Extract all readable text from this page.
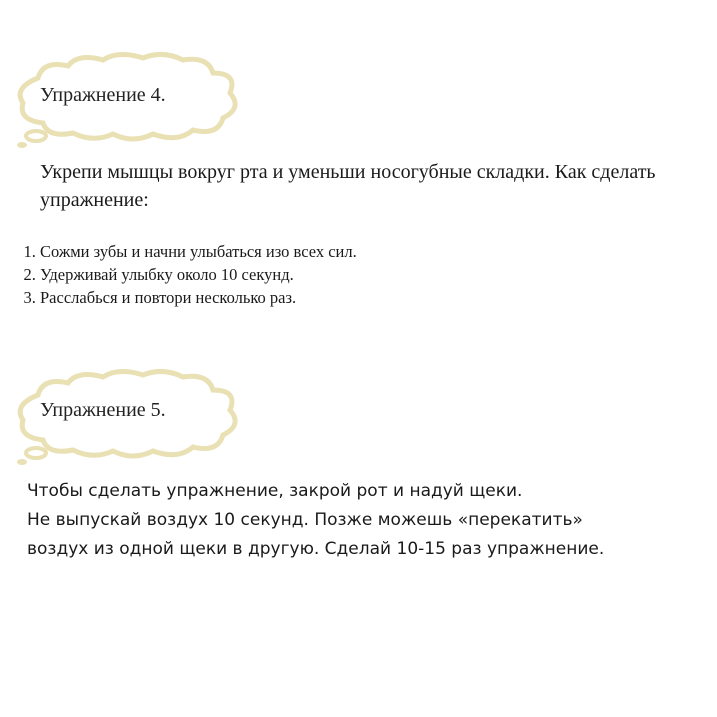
Упражнение 4.
Укрепи мышцы вокруг рта и уменьши носогубные складки. Как сделать упражнение:
1. Сожми зубы и начни улыбаться изо всех сил.
2. Удерживай улыбку около 10 секунд.
3. Расслабься и повтори несколько раз.
Упражнение 5.
Чтобы сделать упражнение, закрой рот и надуй щеки.
Не выпускай воздух 10 секунд. Позже можешь «перекатить»
воздух из одной щеки в другую. Сделай 10-15 раз упражнение.
